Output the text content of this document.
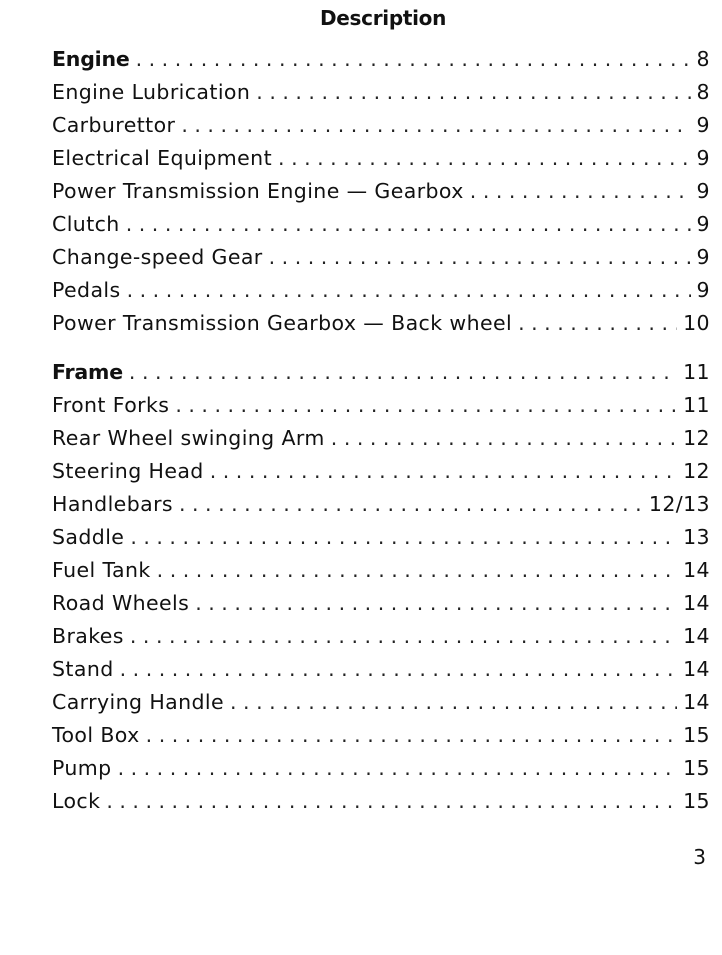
Description
Engine . . .	8
Engine Lubrication . . .	8
Carburettor . . .	9
Electrical Equipment . . .	9
Power Transmission Engine — Gearbox . . .	9
Clutch . . .	9
Change-speed Gear . . .	9
Pedals . . .	9
Power Transmission Gearbox — Back wheel . . .	10
Frame . . .	11
Front Forks . . .	11
Rear Wheel swinging Arm . . .	12
Steering Head . . .	12
Handlebars . . .	12/13
Saddle . . .	13
Fuel Tank . . .	14
Road Wheels . . .	14
Brakes . . .	14
Stand . . .	14
Carrying Handle . . .	14
Tool Box . . .	15
Pump . . .	15
Lock . . .	15
3
